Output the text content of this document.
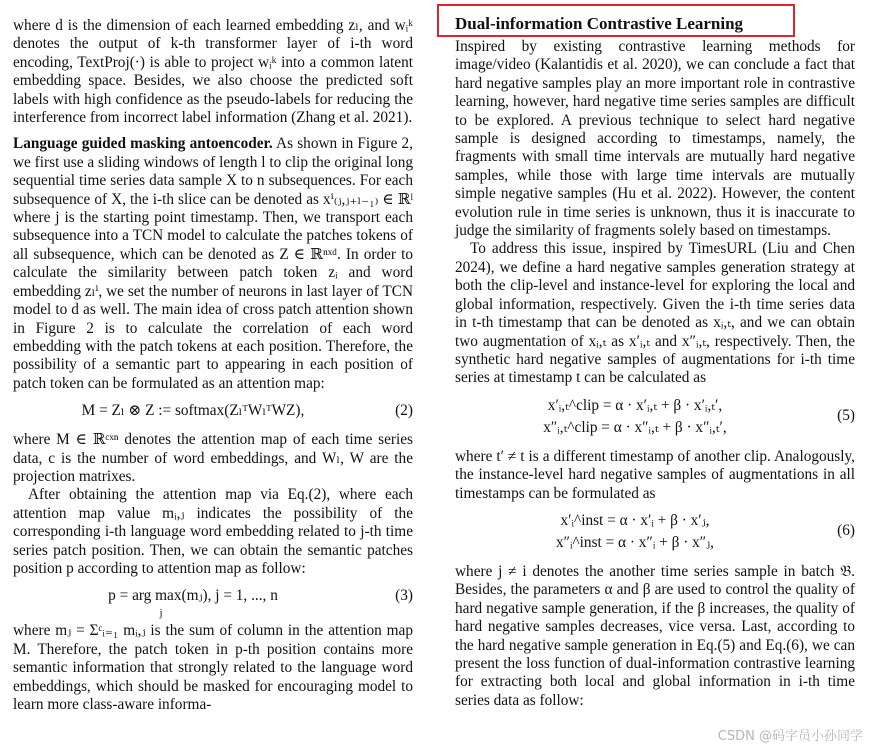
where d is the dimension of each learned embedding zₗ, and wᵢᵏ denotes the output of k-th transformer layer of i-th word encoding, TextProj(·) is able to project wᵢᵏ into a common latent embedding space. Besides, we also choose the predicted soft labels with high confidence as the pseudo-labels for reducing the interference from incorrect label information (Zhang et al. 2021).

Language guided masking antoencoder. As shown in Figure 2, we first use a sliding windows of length l to clip the original long sequential time series data sample X to n subsequences. For each subsequence of X, the i-th slice can be denoted as xⁱ₍ⱼ,ⱼ₊ₗ₋₁₎ ∈ ℝˡ where j is the starting point timestamp. Then, we transport each subsequence into a TCN model to calculate the patches tokens of all subsequence, which can be denoted as Z ∈ ℝⁿˣᵈ. In order to calculate the similarity between patch token zᵢ and word embedding zₗⁱ, we set the number of neurons in last layer of TCN model to d as well. The main idea of cross patch attention shown in Figure 2 is to calculate the correlation of each word embedding with the patch tokens at each position. Therefore, the possibility of a semantic part to appearing in each position of patch token can be formulated as an attention map:

M = Zₗ ⊗ Z := softmax(ZₗᵀWₗᵀWZ),	(2)

where M ∈ ℝᶜˣⁿ denotes the attention map of each time series data, c is the number of word embeddings, and Wₗ, W are the projection matrixes.

After obtaining the attention map via Eq.(2), where each attention map value mᵢ,ⱼ indicates the possibility of the corresponding i-th language word embedding related to j-th time series patch position. Then, we can obtain the semantic patches position p according to attention map as follow:

p = arg max(mⱼ), j = 1, ..., n
j
(3)

where mⱼ = Σᶜᵢ₌₁ mᵢ,ⱼ is the sum of column in the attention map M. Therefore, the patch token in p-th position contains more semantic information that strongly related to the language word embeddings, which should be masked for encouraging model to learn more class-aware informa-

Dual-information Contrastive Learning

Inspired by existing contrastive learning methods for image/video (Kalantidis et al. 2020), we can conclude a fact that hard negative samples play an more important role in contrastive learning, however, hard negative time series samples are difficult to be explored. A previous technique to select hard negative sample is designed according to timestamps, namely, the fragments with small time intervals are mutually hard negative samples, while those with large time intervals are mutually simple negative samples (Hu et al. 2022). However, the content evolution rule in time series is unknown, thus it is inaccurate to judge the similarity of fragments solely based on timestamps.

To address this issue, inspired by TimesURL (Liu and Chen 2024), we define a hard negative samples generation strategy at both the clip-level and instance-level for exploring the local and global information, respectively. Given the i-th time series data in t-th timestamp that can be denoted as xᵢ,ₜ, and we can obtain two augmentation of xᵢ,ₜ as x′ᵢ,ₜ and x″ᵢ,ₜ, respectively. Then, the synthetic hard negative samples of augmentations for i-th time series at timestamp t can be calculated as

x′ᵢ,ₜ^clip = α · x′ᵢ,ₜ + β · x′ᵢ,ₜ′,
x″ᵢ,ₜ^clip = α · x″ᵢ,ₜ + β · x″ᵢ,ₜ′,
(5)

where t′ ≠ t is a different timestamp of another clip. Analogously, the instance-level hard negative samples of augmentations in all timestamps can be formulated as

x′ᵢ^inst = α · x′ᵢ + β · x′ⱼ,
x″ᵢ^inst = α · x″ᵢ + β · x″ⱼ,
(6)

where j ≠ i denotes the another time series sample in batch 𝔅. Besides, the parameters α and β are used to control the quality of hard negative sample generation, if the β increases, the quality of hard negative samples decreases, vice versa. Last, according to the hard negative sample generation in Eq.(5) and Eq.(6), we can present the loss function of dual-information contrastive learning for extracting both local and global information in i-th time series data as follow:

CSDN @码字员小孙同学
